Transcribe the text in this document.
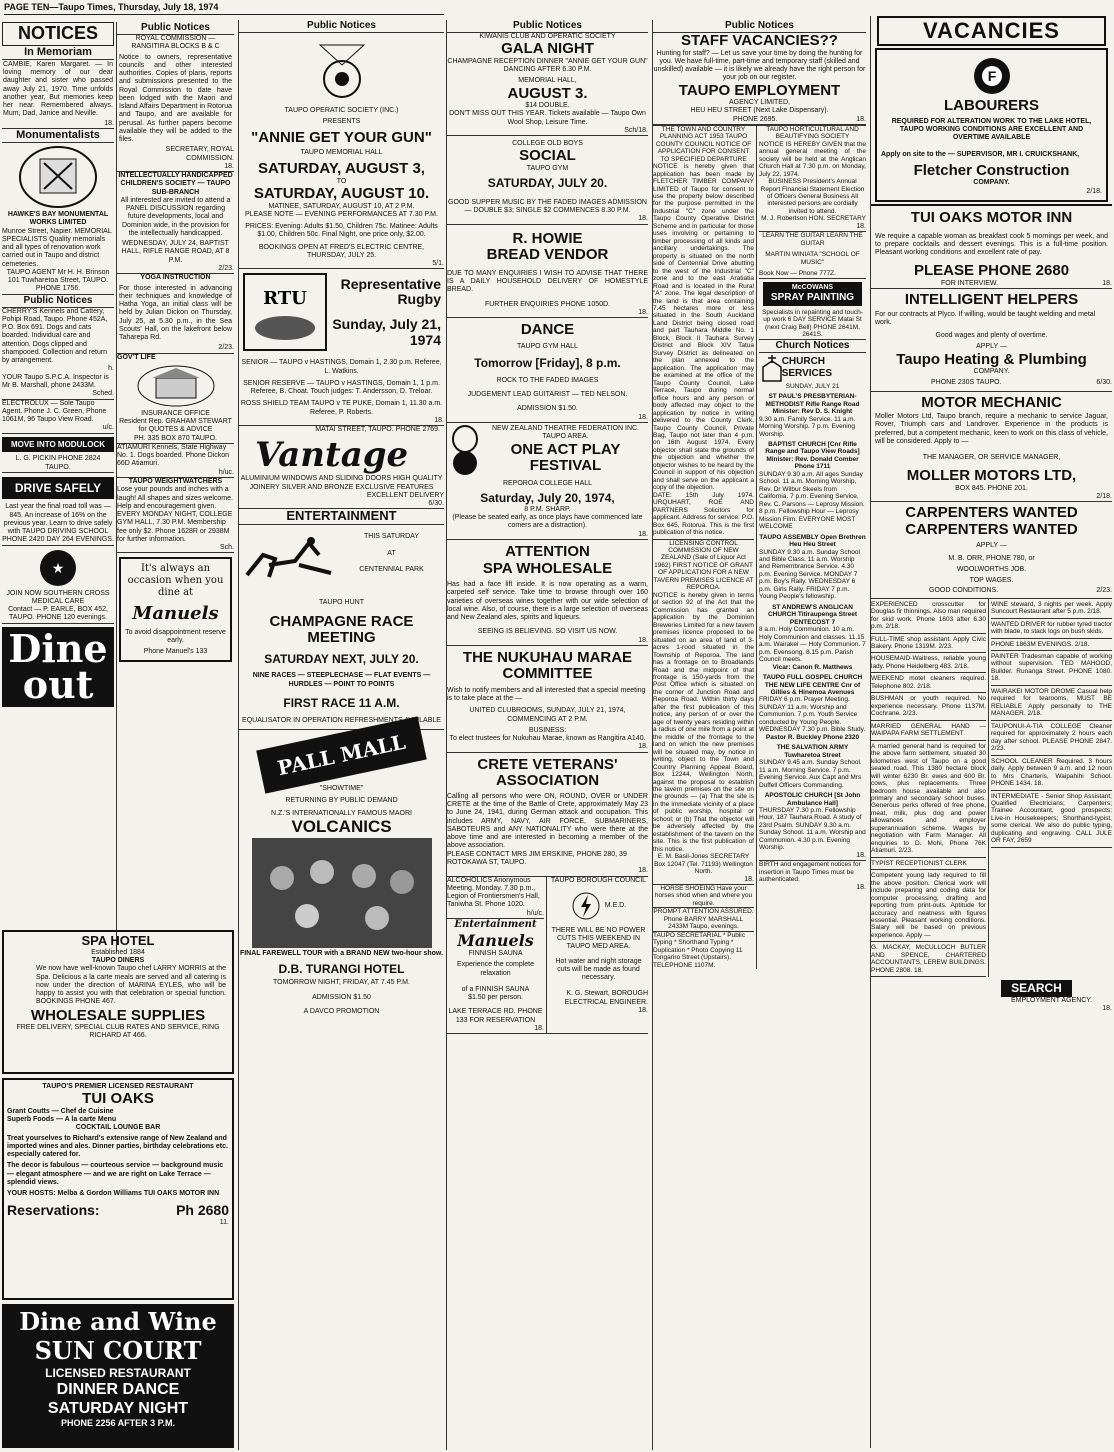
PAGE TEN—Taupo Times, Thursday, July 18, 1974
NOTICES
In Memoriam
CAMBIE, Karen Margaret. — In loving memory of our dear daughter and sister who passed away July 21, 1970. Time unfolds another year, But memories keep her near. Remembered always. Mum, Dad, Janice and Neville.
18.
Monumentalists
HAWKE'S BAY MONUMENTAL WORKS LIMITED
Munroe Street, Napier. MEMORIAL SPECIALISTS Quality memorials and all types of renovation work carried out in Taupo and district cemeteries.
TAUPO AGENT Mr H. H. Brinson 101 Tuwharetoa Street, TAUPO. PHONE 1756.
Public Notices
CHERRY'S Kennels and Cattery, Pohipi Road, Taupo. Phone 452A, P.O. Box 691. Dogs and cats boarded. Individual care and attention. Dogs clipped and shampooed. Collection and return by arrangement.
h.
YOUR Taupo S.P.C.A. Inspector is Mr B. Marshall, phone 2433M.
Sched.
ELECTROLUX — Sole Taupo Agent. Phone J. C. Green, Phone 1061M, 96 Taupo View Road.
u/c.
MOVE INTO MODULOCK
L. G. PICKIN PHONE 2824 TAUPO.
DRIVE SAFELY
Last year the final road toll was — 845. An increase of 16% on the previous year. Learn to drive safely with TAUPO DRIVING SCHOOL PHONE 2420 DAY 264 EVENINGS.
★
JOIN NOW SOUTHERN CROSS MEDICAL CARE
Contact — P. EARLE, BOX 452, TAUPO. PHONE 120 evenings.
Dine
out
Public Notices
ROYAL COMMISSION — RANGITIRA BLOCKS B & C
Notice to owners, representative councils and other interested authorities. Copies of plans, reports and submissions presented to the Royal Commission to date have been lodged with the Maori and Island Affairs Department in Rotorua and Taupo, and are available for perusal. As further papers become available they will be added to the files.
SECRETARY, ROYAL COMMISSION.
18.
INTELLECTUALLY HANDICAPPED CHILDREN'S SOCIETY — TAUPO SUB-BRANCH
All interested are invited to attend a PANEL DISCUSSION regarding future developments, local and Dominion wide, in the provision for the intellectually handicapped.
WEDNESDAY, JULY 24, BAPTIST HALL, RIFLE RANGE ROAD, AT 8 P.M.
2/23.
YOGA INSTRUCTION
For those interested in advancing their techniques and knowledge of Hatha Yoga, an initial class will be held by Julian Dickon on Thursday, July 25, at 5.30 p.m., in the Sea Scouts' Hall, on the lakefront below Taharepa Rd.
2/23.
GOV'T LIFE
INSURANCE OFFICE
Resident Rep. GRAHAM STEWART for QUOTES & ADVICE
PH. 335 BOX 870 TAUPO.
ATIAMURI Kennels, State Highway No. 1. Dogs boarded. Phone Dickon 66D Atiamuri.
h/uc.
TAUPO WEIGHTWATCHERS
Lose your pounds and inches with a laugh! All shapes and sizes welcome. Help and encouragement given. EVERY MONDAY NIGHT, COLLEGE GYM HALL, 7.30 P.M. Membership fee only $2. Phone 1628R or 2938M for further information.
Sch.
It's always an occasion when you dine at
Manuels
To avoid disappointment reserve early.
Phone Manuel's 133
SPA HOTEL
Established 1884
TAUPO DINERS
We now have well-known Taupo chef LARRY MORRIS at the Spa. Delicious a la carte meals are served and all catering is now under the direction of MARINA EYLES, who will be happy to assist you with that celebration or special function. BOOKINGS PHONE 467.
WHOLESALE SUPPLIES
FREE DELIVERY, SPECIAL CLUB RATES AND SERVICE, RING RICHARD AT 466.
TAUPO'S PREMIER LICENSED RESTAURANT
TUI OAKS
Grant Coutts — Chef de Cuisine
Superb Foods — A la carte Menu
COCKTAIL LOUNGE BAR
Treat yourselves to Richard's extensive range of New Zealand and imported wines and ales. Dinner parties, birthday celebrations etc. especially catered for.
The decor is fabulous — courteous service — background music — elegant atmosphere — and we are right on Lake Terrace — splendid views.
YOUR HOSTS: Melba & Gordon Williams TUI OAKS MOTOR INN
Reservations:	Ph 2680
11.
Dine and Wine
SUN COURT
LICENSED RESTAURANT
DINNER DANCE
SATURDAY NIGHT
PHONE 2256 AFTER 3 P.M.
Public Notices
TAUPO OPERATIC SOCIETY (INC.)
PRESENTS
"ANNIE GET YOUR GUN"
TAUPO MEMORIAL HALL
SATURDAY, AUGUST 3,
TO
SATURDAY, AUGUST 10.
MATINEE, SATURDAY, AUGUST 10, AT 2 P.M.
PLEASE NOTE — EVENING PERFORMANCES AT 7.30 P.M.
PRICES: Evening: Adults $1.50, Children 75c. Matinee: Adults $1.00, Children 50c. Final Night, one price only, $2.00.
BOOKINGS OPEN AT FRED'S ELECTRIC CENTRE, THURSDAY, JULY 25.
5/1.
RTU
Representative Rugby
Sunday, July 21, 1974
SENIOR — TAUPO v HASTINGS, Domain 1, 2.30 p.m. Referee, L. Watkins.
SENIOR RESERVE — TAUPO v HASTINGS, Domain 1, 1 p.m. Referee, B. Choat. Touch judges: T. Andersson, D. Treloar.
ROSS SHIELD TEAM TAUPO v TE PUKE, Domain 1, 11.30 a.m. Referee, P. Roberts.
18.
MATAI STREET, TAUPO. PHONE 2769.
Vantage
ALUMINIUM WINDOWS AND SLIDING DOORS HIGH QUALITY JOINERY SILVER AND BRONZE EXCLUSIVE FEATURES
EXCELLENT DELIVERY
6/30.
ENTERTAINMENT
THIS SATURDAY
AT
CENTENNIAL PARK
TAUPO HUNT
CHAMPAGNE RACE MEETING
SATURDAY NEXT, JULY 20.
NINE RACES — STEEPLECHASE — FLAT EVENTS — HURDLES — POINT TO POINTS
FIRST RACE 11 A.M.
EQUALISATOR IN OPERATION REFRESHMENTS AVAILABLE
PALL MALL
"SHOWTIME"
RETURNING BY PUBLIC DEMAND
N.Z.'S INTERNATIONALLY FAMOUS MAORI
VOLCANICS
FINAL FAREWELL TOUR with a BRAND NEW two-hour show.
D.B. TURANGI HOTEL
TOMORROW NIGHT, FRIDAY, AT 7.45 P.M.
ADMISSION $1.50
A DAVCO PROMOTION
Public Notices
KIWANIS CLUB AND OPERATIC SOCIETY
GALA NIGHT
CHAMPAGNE RECEPTION DINNER "ANNIE GET YOUR GUN" DANCING AFTER 6.30 P.M.
MEMORIAL HALL,
AUGUST 3.
$14 DOUBLE.
DON'T MISS OUT THIS YEAR. Tickets available — Taupo Own Wool Shop, Leisure Time.
Sch/18.
COLLEGE OLD BOYS
SOCIAL
TAUPO GYM
SATURDAY, JULY 20.
GOOD SUPPER MUSIC BY THE FADED IMAGES ADMISSION — DOUBLE $3; SINGLE $2 COMMENCES 8.30 P.M.
18.
R. HOWIE
BREAD VENDOR
DUE TO MANY ENQUIRIES I WISH TO ADVISE THAT THERE IS A DAILY HOUSEHOLD DELIVERY OF HOMESTYLE BREAD.
FURTHER ENQUIRIES PHONE 1050D.
18.
DANCE
TAUPO GYM HALL
Tomorrow [Friday], 8 p.m.
ROCK TO THE FADED IMAGES
JUDGEMENT LEAD GUITARIST — TED NELSON.
ADMISSION $1.50.
18.
NEW ZEALAND THEATRE FEDERATION INC. TAUPO AREA.
ONE ACT PLAY FESTIVAL
REPOROA COLLEGE HALL
Saturday, July 20, 1974,
8 P.M. SHARP.
(Please be seated early, as once plays have commenced late comers are a distraction).
18.
ATTENTION
SPA WHOLESALE
Has had a face lift inside. It is now operating as a warm, carpeted self service. Take time to browse through over 160 varieties of overseas wines together with our wide selection of local wine. Also, of course, there is a large selection of overseas and New Zealand ales, spirits and liqueurs.
SEEING IS BELIEVING. SO VISIT US NOW.
18.
THE NUKUHAU MARAE COMMITTEE
Wish to notify members and all interested that a special meeting is to take place at the —
UNITED CLUBROOMS, SUNDAY, JULY 21, 1974, COMMENCING AT 2 P.M.
BUSINESS:
To elect trustees for Nukuhau Marae, known as Rangitira A140.
18.
CRETE VETERANS' ASSOCIATION
Calling all persons who were ON, ROUND, OVER or UNDER CRETE at the time of the Battle of Crete, approximately May 23 to June 24, 1941, during German attack and occupation. This includes ARMY, NAVY, AIR FORCE, SUBMARINERS, SABOTEURS and ANY NATIONALITY who were there at the above time and are interested in becoming a member of the above association.
PLEASE CONTACT MRS JIM ERSKINE, PHONE 280, 39 ROTOKAWA ST, TAUPO.
18.
ALCOHOLICS Anonymous Meeting. Monday. 7.30 p.m., Legion of Frontiersmen's Hall, Taniwha St. Phone 1020.
h/u/c.
Entertainment
Manuels
FINNISH SAUNA
Experience the complete relaxation
of a FINNISH SAUNA
$1.50 per person.
LAKE TERRACE RD. PHONE 133 FOR RESERVATION
18.
TAUPO BOROUGH COUNCIL
M.E.D.
THERE WILL BE NO POWER CUTS THIS WEEKEND IN TAUPO MED AREA.
Hot water and night storage cuts will be made as found necessary.
K. G. Stewart, BOROUGH ELECTRICAL ENGINEER.
18.
Public Notices
STAFF VACANCIES??
Hunting for staff? — Let us save your time by doing the hunting for you. We have full-time, part-time and temporary staff (skilled and unskilled) available — it is likely we already have the right person for your job on our register.
TAUPO EMPLOYMENT
AGENCY LIMITED,
HEU HEU STREET (Next Lake Dispensary).
PHONE 2695.	18.
THE TOWN AND COUNTRY PLANNING ACT 1953 TAUPO COUNTY COUNCIL NOTICE OF APPLICATION FOR CONSENT TO SPECIFIED DEPARTURE
NOTICE is hereby given that application has been made by FLETCHER TIMBER COMPANY LIMITED of Taupo for consent to use the property below described for the purpose permitted in the Industrial "C" zone under the Taupo County Operative District Scheme and in particular for those uses involving or pertaining to timber processing of all kinds and ancillary undertakings. The property is situated on the north side of Centennial Drive abutting to the west of the Industrial "C" zone and to the east Aratiatia Road and is located in the Rural "A" zone. The legal description of the land is that area containing 7.45 hectares more or less situated in the South Auckland Land District being closed road and part Tauhara Middle No. 1 Block, Block II Tauhara Survey District and Block XIV Tatua Survey District as delineated on the plan annexed to the application. The application may be examined at the office of the Taupo County Council, Lake Terrace, Taupo during normal office hours and any person or body affected may object to the application by notice in writing delivered to the County Clerk, Taupo County Council, Private Bag, Taupo not later than 4 p.m. on 16th August 1974. Every objector shall state the grounds of the objection and whether the objector wishes to be heard by the Council in support of his objection and shall serve on the applicant a copy of the objection.
DATE: 15th July 1974. URQUHART, ROE AND PARTNERS Solicitors for applicant. Address for service: P.O. Box 645, Rotorua. This is the first publication of this notice.
LICENSING CONTROL COMMISSION OF NEW ZEALAND (Sale of Liquor Act 1962) FIRST NOTICE OF GRANT OF APPLICATION FOR A NEW TAVERN PREMISES LICENCE AT REPOROA.
NOTICE is hereby given in terms of section 92 of the Act that the Commission has granted an application by the Dominion Breweries Limited for a new tavern premises licence proposed to be situated on an area of land of 3-acres 1-rood situated in the Township of Reporoa. The land has a frontage on to Broadlands Road and the midpoint of that frontage is 150-yards from the Post Office which is situated on the corner of Junction Road and Reporoa Road. Within thirty days after the first publication of this notice, any person of or over the age of twenty years residing within a radius of one mile from a point at the middle of the frontage to the land on which the new premises will be situated may, by notice in writing, object to the Town and Country Planning Appeal Board, Box 12244, Wellington North, against the proposal to establish the tavern premises on the site on the grounds — (a) That the site is in the immediate vicinity of a place of public worship, hospital or school; or (b) That the objector will be adversely affected by the establishment of the tavern on the site. This is the first publication of this notice.
E. M. Basil-Jones SECRETARY Box 12047 (Tel. 71193) Wellington North.
18.
HORSE SHOEING Have your horses shod when and where you require.
PROMPT ATTENTION ASSURED. Phone BARRY MARSHALL 2433M Taupo, evenings.
TAUPO SECRETARIAL * Public Typing * Shorthand Typing * Duplication * Photo Copying 11 Tongariro Street (Upstairs). TELEPHONE 1107M.
TAUPO HORTICULTURAL AND BEAUTIFYING SOCIETY
NOTICE IS HEREBY GIVEN that the annual general meeting of the society will be held at the Anglican Church Hall at 7.30 p.m. on Monday, July 22, 1974.
BUSINESS President's Annual Report Financial Statement Election of Officers General Business All interested persons are cordially invited to attend.
M. J. Robertson HON. SECRETARY
18.
LEARN THE GUITAR LEARN THE GUITAR
MARTIN WINIATA "SCHOOL OF MUSIC"
Book Now — Phone 777Z.
McCOWANS
SPRAY PAINTING
Specialists in repainting and touch-up work 6 DAY SERVICE Matai St (next Craig Bell) PHONE 2641M, 2641S.
Church Notices
CHURCH SERVICES
SUNDAY, JULY 21
ST PAUL'S PRESBYTERIAN-METHODIST Rifle Range Road Minister: Rev D. S. Knight
9.30 a.m. Family Service. 11 a.m. Morning Worship. 7 p.m. Evening Worship.
BAPTIST CHURCH [Cnr Rifle Range and Taupo View Roads] Minister: Rev. Donald Comber Phone 1711
SUNDAY 9.30 a.m. All ages Sunday School. 11 a.m. Morning Worship, Rev. Dr Wilbur Skeels from California. 7 p.m. Evening Service, Rev. C. Parsons — Leprosy Mission. 8 p.m. Fellowship Hour — Leprosy Mission Film. EVERYONE MOST WELCOME
TAUPO ASSEMBLY Open Brethren Heu Heu Street
SUNDAY 9.30 a.m. Sunday School and Bible Class. 11 a.m. Worship and Remembrance Service. 4.30 p.m. Evening Service. MONDAY 7 p.m. Boy's Rally. WEDNESDAY 6 p.m. Girls Rally. FRIDAY 7 p.m. Young People's fellowship.
ST ANDREW'S ANGLICAN CHURCH Titiraupenga Street PENTECOST 7
8 a.m. Holy Communion. 10 a.m. Holy Communion and classes. 11.15 a.m. Wairakei — Holy Communion. 7 p.m. Evensong. 8.15 p.m. Parish Council meets.
Vicar: Canon R. Matthews
TAUPO FULL GOSPEL CHURCH THE NEW LIFE CENTRE Cnr of Gillies & Hinemoa Avenues
FRIDAY 6 p.m. Prayer Meeting. SUNDAY 11 a.m. Worship and Communion. 7 p.m. Youth Service conducted by Young People. WEDNESDAY 7.30 p.m. Bible Study.
Pastor R. Buckley Phone 2320
THE SALVATION ARMY Tuwharetoa Street
SUNDAY 9.45 a.m. Sunday School. 11 a.m. Morning Service. 7 p.m. Evening Service. Aux Capt and Mrs Duffell Officers Commanding.
APOSTOLIC CHURCH [St John Ambulance Hall]
THURSDAY 7.30 p.m. Fellowship Hour, 187 Tauhara Road. A study of 23rd Psalm. SUNDAY 9.30 a.m. Sunday School. 11 a.m. Worship and Communion. 4.30 p.m. Evening Worship.
18.
BIRTH and engagement notices for insertion in Taupo Times must be authenticated.
18.
VACANCIES
F
LABOURERS
REQUIRED FOR ALTERATION WORK TO THE LAKE HOTEL, TAUPO WORKING CONDITIONS ARE EXCELLENT AND OVERTIME AVAILABLE
Apply on site to the — SUPERVISOR, MR I. CRUICKSHANK,
Fletcher Construction
COMPANY.
2/18.
TUI OAKS MOTOR INN
We require a capable woman as breakfast cook 5 mornings per week, and to prepare cocktails and dessert evenings. This is a full-time position. Pleasant working conditions and excellent rate of pay.
PLEASE PHONE 2680
FOR INTERVIEW.	18.
INTELLIGENT HELPERS
For our contracts at Plyco. If willing, would be taught welding and metal work.
Good wages and plenty of overtime.
APPLY —
Taupo Heating & Plumbing
COMPANY.
PHONE 230S TAUPO.	6/30.
MOTOR MECHANIC
Moller Motors Ltd, Taupo branch, require a mechanic to service Jaguar, Rover, Triumph cars and Landrover. Experience in the products is preferred, but a competent mechanic, keen to work on this class of vehicle, will be considered. Apply to —
THE MANAGER, OR SERVICE MANAGER,
MOLLER MOTORS LTD,
BOX 845. PHONE 201.
2/18.
CARPENTERS WANTED
CARPENTERS WANTED
APPLY —
M. B. ORR, PHONE 780, or
WOOLWORTHS JOB.
TOP WAGES.
GOOD CONDITIONS.	2/23.
EXPERIENCED crosscutter for Douglas fir thinnings. Also man required for skid work. Phone 1603 after 6.30 p.m. 2/18.
FULL-TIME shop assistant. Apply Civic Bakery. Phone 1319M. 2/23.
HOUSEMAID-Waitress, reliable young lady. Phone Heidelberg 483. 2/18.
WEEKEND motel cleaners required. Telephone 802. 2/18.
BUSHMAN or youth required. No experience necessary. Phone 1137M, Cochrane. 2/23.
MARRIED GENERAL HAND — WAIPAPA FARM SETTLEMENT
A married general hand is required for the above farm settlement, situated 30 kilometres west of Taupo on a good sealed road. This 1380 hectare block will winter 6230 Br. ewes and 600 Br. cows, plus replacements. Three bedroom house available and also primary and secondary school buses. Generous perks offered of free phone, meat, milk, plus dog and power allowances and employer superannuation scheme. Wages by negotiation with Farm Manager. All enquiries to D. Mohi, Phone 76K Atiamuri. 2/23.
TYPIST RECEPTIONIST CLERK
Competent young lady required to fill the above position. Clerical work will include preparing and coding data for computer processing, drafting and reporting from print-outs. Aptitude for accuracy and neatness with figures essential. Pleasant working conditions. Salary will be based on previous experience. Apply —
G. MACKAY, McCULLOCH BUTLER AND SPENCE, CHARTERED ACCOUNTANTS, LEREW BUILDINGS. PHONE 2808. 18.
WINE steward, 3 nights per week. Apply Suncourt Restaurant after 5 p.m. 2/18.
WANTED DRIVER for rubber tyred tractor with blade, to stack logs on bush skids.
PHONE 1863M EVENINGS. 2/18.
PAINTER Tradesman capable of working without supervision. TED MAHOOD, Builder. Runanga Street. PHONE 1080. 18.
WAIRAKEI MOTOR DROME Casual help required for tearooms. MUST BE RELIABLE Apply personally to THE MANAGER. 2/18.
TAUPONUI-A-TIA COLLEGE Cleaner required for approximately 2 hours each day after school. PLEASE PHONE 2847. 2/23.
SCHOOL CLEANER Required. 3 hours daily. Apply between 9 a.m. and 12 noon to Mrs Charteris, Waipahihi School. PHONE 1434. 18.
INTERMEDIATE - Senior Shop Assistant; Qualified Electricians; Carpenters; Trainee Accountant, good prospects; Live-in Housekeepers; Shorthand-typist, some clerical. We also do public typing, duplicating and engraving. CALL JULE OR FAY, 2659
SEARCH
EMPLOYMENT AGENCY.
18.
